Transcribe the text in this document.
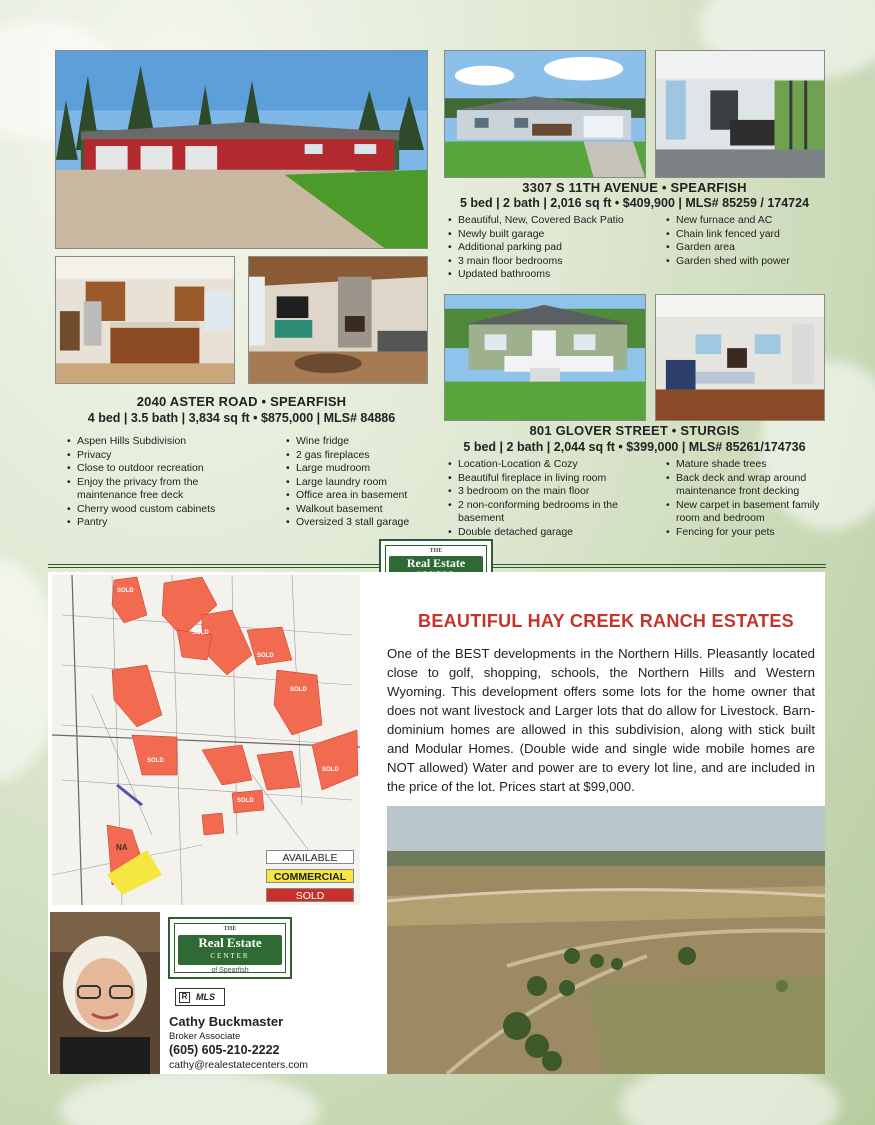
2040 ASTER ROAD • SPEARFISH
4 bed | 3.5 bath | 3,834 sq ft • $875,000 | MLS# 84886
• Aspen Hills Subdivision
• Privacy
• Close to outdoor recreation
• Enjoy the privacy from the maintenance free deck
• Cherry wood custom cabinets
• Pantry
• Wine fridge
• 2 gas fireplaces
• Large mudroom
• Large laundry room
• Office area in basement
• Walkout basement
• Oversized 3 stall garage
3307 S 11TH AVENUE • SPEARFISH
5 bed | 2 bath | 2,016 sq ft • $409,900 | MLS# 85259 / 174724
• Beautiful, New, Covered Back Patio
• Newly built garage
• Additional parking pad
• 3 main floor bedrooms
• Updated bathrooms
• New furnace and AC
• Chain link fenced yard
• Garden area
• Garden shed with power
801 GLOVER STREET • STURGIS
5 bed | 2 bath | 2,044 sq ft • $399,000 | MLS# 85261/174736
• Location-Location & Cozy
• Beautiful fireplace in living room
• 3 bedroom on the main floor
• 2 non-conforming bedrooms in the basement
• Double detached garage
• Mature shade trees
• Back deck and wrap around maintenance front decking
• New carpet in basement family room and bedroom
• Fencing for your pets
THE
Real Estate
SOLD
SOLD
SOLD
SOLD
SOLD
SOLD
SOLD
NA
AVAILABLE
COMMERCIAL
SOLD
BEAUTIFUL HAY CREEK RANCH ESTATES
One of the BEST developments in the Northern Hills. Pleasantly located close to golf, shopping, schools, the Northern Hills and Western Wyoming. This development offers some lots for the home owner that does not want livestock and Larger lots that do allow for Livestock. Barn-dominium homes are allowed in this subdivision, along with stick built and Modular Homes. (Double wide and single wide mobile homes are NOT allowed) Water and power are to every lot line, and are included in the price of the lot. Prices start at $99,000.
THE
Real Estate
CENTER
of Spearfish
R MLS
Cathy Buckmaster
Broker Associate
(605) 605-210-2222
cathy@realestatecenters.com
